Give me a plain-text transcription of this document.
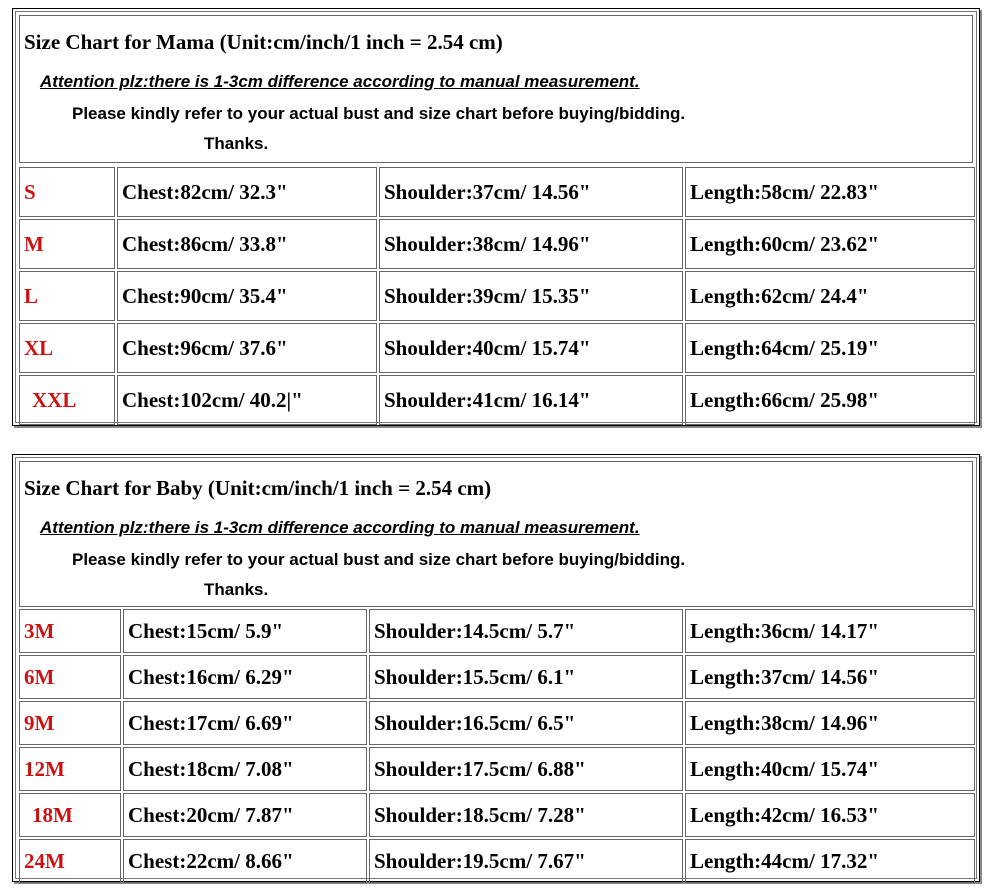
Size Chart for Mama (Unit:cm/inch/1 inch = 2.54 cm)
Attention plz:there is 1-3cm difference according to manual measurement.
Please kindly refer to your actual bust and size chart before buying/bidding.
Thanks.
S	Chest:82cm/ 32.3"	Shoulder:37cm/ 14.56"	Length:58cm/ 22.83"
M	Chest:86cm/ 33.8"	Shoulder:38cm/ 14.96"	Length:60cm/ 23.62"
L	Chest:90cm/ 35.4"	Shoulder:39cm/ 15.35"	Length:62cm/ 24.4"
XL	Chest:96cm/ 37.6"	Shoulder:40cm/ 15.74"	Length:64cm/ 25.19"
XXL	Chest:102cm/ 40.2|"	Shoulder:41cm/ 16.14"	Length:66cm/ 25.98"
Size Chart for Baby (Unit:cm/inch/1 inch = 2.54 cm)
Attention plz:there is 1-3cm difference according to manual measurement.
Please kindly refer to your actual bust and size chart before buying/bidding.
Thanks.
3M	Chest:15cm/ 5.9"	Shoulder:14.5cm/ 5.7"	Length:36cm/ 14.17"
6M	Chest:16cm/ 6.29"	Shoulder:15.5cm/ 6.1"	Length:37cm/ 14.56"
9M	Chest:17cm/ 6.69"	Shoulder:16.5cm/ 6.5"	Length:38cm/ 14.96"
12M	Chest:18cm/ 7.08"	Shoulder:17.5cm/ 6.88"	Length:40cm/ 15.74"
18M	Chest:20cm/ 7.87"	Shoulder:18.5cm/ 7.28"	Length:42cm/ 16.53"
24M	Chest:22cm/ 8.66"	Shoulder:19.5cm/ 7.67"	Length:44cm/ 17.32"
